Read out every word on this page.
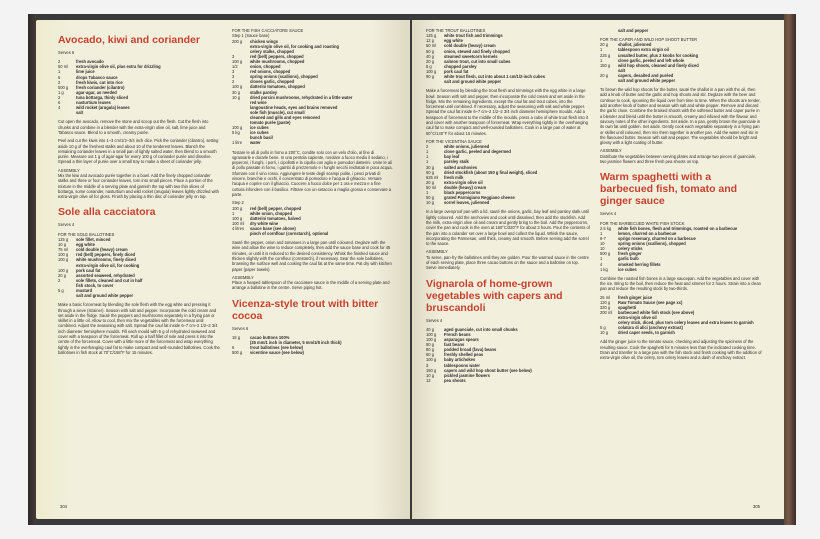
Avocado, kiwi and coriander
Serves 6
2	fresh avocado
50 ml	extra-virgin olive oil, plus extra for drizzling
1	lime juice
6	drops Tabasco sauce
2	fresh kiwis, cut into rice
500 g	fresh coriander (cilantro)
1 g	agar-agar, as needed
2	tuna bottarga, thinly sliced
6	nasturtium leaves
4	wild rocket (arugula) leaves
salt
Cut open the avocado, remove the stone and scoop out the flesh. Cut the flesh into chunks and combine in a blender with the extra-virgin olive oil, salt, lime juice and Tabasco sauce. Blend to a smooth, creamy purée.
Peel and cut the kiwis into 1–3 cm/1/2–3/4 inch dice. Pick the coriander (cilantro), setting aside 10 g of the freshest stalks and about 10 of the tenderest leaves. Blanch the remaining coriander leaves in a small pan of lightly salted water, then blend to a smooth purée. Measure out 1 g of agar-agar for every 100 g of coriander purée and dissolve. Spread a thin layer of purée over a small tray to make a sheet of coriander jelly.
ASSEMBLY
Mix the kiwi and avocado purée together in a bowl. Add the finely chopped coriander stalks and three or four coriander leaves, torn into small pieces. Place a portion of the mixture in the middle of a serving plate and garnish the top with two thin slices of bottarga, some coriander, nasturtium and wild rocket (arugula) leaves lightly drizzled with extra-virgin olive oil for gloss. Finish by placing a thin disc of coriander jelly on top.
Sole alla cacciatora
Serves 4
FOR THE SOLE BALLOTINES
125 g	sole fillet, minced
10 g	egg white
75 ml	cold double (heavy) cream
100 g	red (bell) peppers, finely diced
100 g	white mushrooms, finely diced
extra-virgin olive oil, for cooking
100 g	pork caul fat
20 g	assorted seaweed, rehydrated
2	sole fillets, cleaned and cut in half
fish stock, to cover
5 g	mustard
salt and ground white pepper
Make a basic forcemeat by blending the sole flesh with the egg white and pressing it through a sieve (strainer). Season with salt and pepper. Incorporate the cold cream and set aside in the fridge. Sauté the peppers and mushrooms separately in a frying pan or skillet in a little oil. Allow to cool, then mix the vegetables with the forcemeat until combined. Adjust the seasoning with salt. Spread the caul fat inside 6–7 cm–2 1/2–2 3/4 inch diameter hemisphere moulds. Fill each mould with 5 g of rehydrated seaweed and cover with a teaspoon of the forcemeat. Roll up a half fillet of sole and press it into the centre of the forcemeat. Cover with a little more of the forcemeat and wrap everything tightly in the overhanging caul fat to make compact and well-rounded ballotines. Cook the ballotines in fish stock at 70°C/158°F for 15 minutes.
FOR THE FISH CACCIATORE SAUCE
Step 1 (Sauce base)
200 g	chicken wings
extra-virgin olive oil, for cooking and roasting
celery stalks, chopped
3	red (bell) peppers, chopped
100 g	white mushrooms, chopped
1/2	onion, chopped
3	red onions, chopped
3	spring onions (scallions), chopped
2	cloves garlic, chopped
100 g	datterini tomatoes, chopped
30 g	stalks parsley
10 g	dried porcini mushrooms, rehydrated in a little water
red wine
langoustine heads, eyes and brains removed
sole fish (muscle), cut small
cleaned and gills and eyes removed
tomato purée (paste)
100 g	ice cubes
5 kg	ice cubes
bunch basil
1 litre	water
Tostare le ali di pollo in forno a 200°C, condite solo con un velo d'olio, al fine di sgrassarle e dorarle bene. In una pentola capiente, rosolare a fuoco medio il sedano, i peperoni, i funghi, i porri, i cipollotti e la cipolla con aglio e pomodori datterini. Unire le ali di pollo passate in forno, i gambi di prezzemolo e i funghi secchi reidratati in poca acqua. Sfumare con il vino rosso. Aggiungere le teste degli scampi pulite, i pesci privati di viscere, branchie e occhi, il concentrato di pomodoro e l'acqua di ghiaccio. Versare l'acqua e coprire con il ghiaccio. Cuocere a fuoco dolce per 1 ora e mezza e a fine cottura infondere con il basilico. Filtrare con un setaccio a maglia grossa e conservare a parte.
Step 2
100 g	red (bell) pepper, chopped
1	white onion, chopped
100 g	datterini tomatoes, halved
100 ml	dry white wine
4 litres	sauce base (see above)
pinch of cornflour (cornstarch), optional
Sauté the pepper, onion and tomatoes in a large pan until coloured. Deglaze with the wine and allow the wine to reduce completely, then add the sauce base and cook for 45 minutes, or until it is reduced to the desired consistency. Whisk the finished sauce and thicken slightly with the cornflour (cornstarch), if necessary. Sear the sole ballotines, browning the surface well and cooking the caul fat at the same time. Pat dry with kitchen paper (paper towels).
ASSEMBLY
Place a heaped tablespoon of the cacciatore sauce in the middle of a serving plate and arrange a ballotine in the centre. Serve piping hot.
Vicenza-style trout with bitter cocoa
Serves 6
18 g	cacao buttons 100%
(25 mm/1 inch in diameter, 5 mm/1/8 inch thick)
6	trout ballotines (see below)
500 g	vicentine sauce (see below)
304
FOR THE TROUT BALLOTINES
125 g	white trout fish and trimmings
12 g	egg white
50 ml	cold double (heavy) cream
50 g	onion, stewed and finely chopped
40 g	steamed sweetcorn kernels
20 g	salmon trout, cut into small cubes
8 g	chopped parsley
100 g	pork caul fat
90 g	white trout flesh, cut into about 1 cm/1/2-inch cubes
salt and ground white pepper
Make a forcemeat by blending the trout flesh and trimmings with the egg white in a large bowl. Season with salt and pepper, then incorporate the cold cream and set aside in the fridge. Mix the remaining ingredients, except the caul fat and trout cubes, into the forcemeat until combined. If necessary, adjust the seasoning with salt and white pepper. Spread the caul fat inside 6–7 cm–2 1/2–2 3/4 inch diameter hemisphere moulds. Add a teaspoon of forcemeat to the middle of the moulds, press a cube of white trout flesh into it and cover with another teaspoon of forcemeat. Wrap everything tightly in the overhanging caul fat to make compact and well-rounded ballotines. Cook in a large pan of water at 60°C/140°F for about 15 minutes.
FOR THE VICENTINA SAUCE
2	white onions, julienned
1	clove garlic, peeled and degermed
1	bay leaf
1	parsley stalk
30 g	salted anchovies
60 g	dried stockfish (about 150 g final weight), sliced
625 ml	fresh milk
20 g	extra-virgin olive oil
50 ml	double (heavy) cream
1	black peppercorns
50 g	grated Parmigiano Reggiano cheese
10 g	sorrel leaves, julienned
In a large ovenproof pan with a lid, sauté the onions, garlic, bay leaf and parsley stalk until lightly coloured. Add the anchovies and cook until dissolved, then add the stockfish. Add the milk, extra-virgin olive oil and cream and gently bring to the boil. Add the peppercorns, cover the pan and cook in the oven at 160°C/320°F for about 3 hours. Pour the contents of the pan into a colander set over a large bowl and collect the liquid. Whisk the sauce, incorporating the Parmesan, until thick, creamy and smooth. Before serving add the sorrel to the sauce.
ASSEMBLY
To serve, pan-fry the ballotines until they are golden. Pour the warmed sauce in the centre of each serving plate, place three cacao buttons on the sauce and a ballotine on top. Serve immediately.
Vignarola of home-grown vegetables with capers and bruscandoli
Serves 4
40 g	aged guanciale, cut into small chunks
100 g	French beans
100 g	asparagus spears
50 g	fast beans
80 g	podded broad (fava) beans
60 g	freshly shelled peas
100 g	baby artichokes
3	tablespoons water
150 g	capers and wild hop shoot butter (see below)
10 g	pickled jasmine flowers
12	pea shoots
salt and pepper
FOR THE CAPER AND WILD HOP SHOOT BUTTER
20 g	shallot, julienned
1	tablespoon extra virgin oil
225 g	unsalted butter, plus 2 knobs for cooking
1	clove garlic, peeled and left whole
150 g	wild hop shoots, cleaned and finely diced
salt
20 g	capers, desalted and puréed
salt and ground white pepper
To brown the wild hop shoots for the butter, sauté the shallot in a pan with the oil, then add a knob of butter and the garlic and hop shoots and stir. Deglaze with the beer and continue to cook, spooning the liquid over from time to time. When the shoots are tender, add another knob of butter and season with salt and white pepper. Remove and discard the garlic clove. Combine the braised shoots with the softened butter and caper purée in a blender and blend until the butter is smooth, creamy and infused with the flavour and savoury notes of the other ingredients. Set aside. In a pan, gently brown the guanciale in its own fat until golden. Set aside. Gently cook each vegetable separately in a frying pan or skillet until coloured, then mix them together in another pan. Add the water and stir in the flavoured butter. Season with salt and pepper. The vegetables should be bright and glossy with a light coating of butter.
ASSEMBLY
Distribute the vegetables between serving plates and arrange two pieces of guanciale, two jasmine flowers and three fresh pea shoots on top.
Warm spaghetti with a barbecued fish, tomato and ginger sauce
Serves 4
FOR THE BARBECUED WHITE FISH STOCK
2.5 kg	white fish bones, flesh and trimmings, roasted on a barbecue
1	lemon, charred on a barbecue
6-7	sprigs rosemary, charred on a barbecue
10	spring onions (scallions), chopped
10	celery sticks
500 g	fresh ginger
1	garlic bulb
4	smoked herring fillets
1 kg	ice cubes
Combine the roasted fish bones in a large saucepan. Add the vegetables and cover with the ice. Bring to the boil, then reduce the heat and simmer for 2 hours. Strain into a clean pan and reduce the resulting stock by two-thirds.
25 ml	fresh ginger juice
120 g	Raw Tomato Sauce (see page xx)
320 g	spaghetti
200 ml	barbecued white fish stock (see above)
extra-virgin olive oil
celery stick, diced, plus torn celery leaves and extra leaves to garnish
5 g	colatura di alici (anchovy extract)
10 g	dried caper seeds, to garnish
Add the ginger juice to the tomato sauce, checking and adjusting the spiciness of the resulting sauce. Cook the spaghetti for 5 minutes less than the indicated cooking time. Drain and transfer to a large pan with the fish stock and finish cooking with the addition of extra-virgin olive oil, the celery, torn celery leaves and a dash of anchovy extract.
305
